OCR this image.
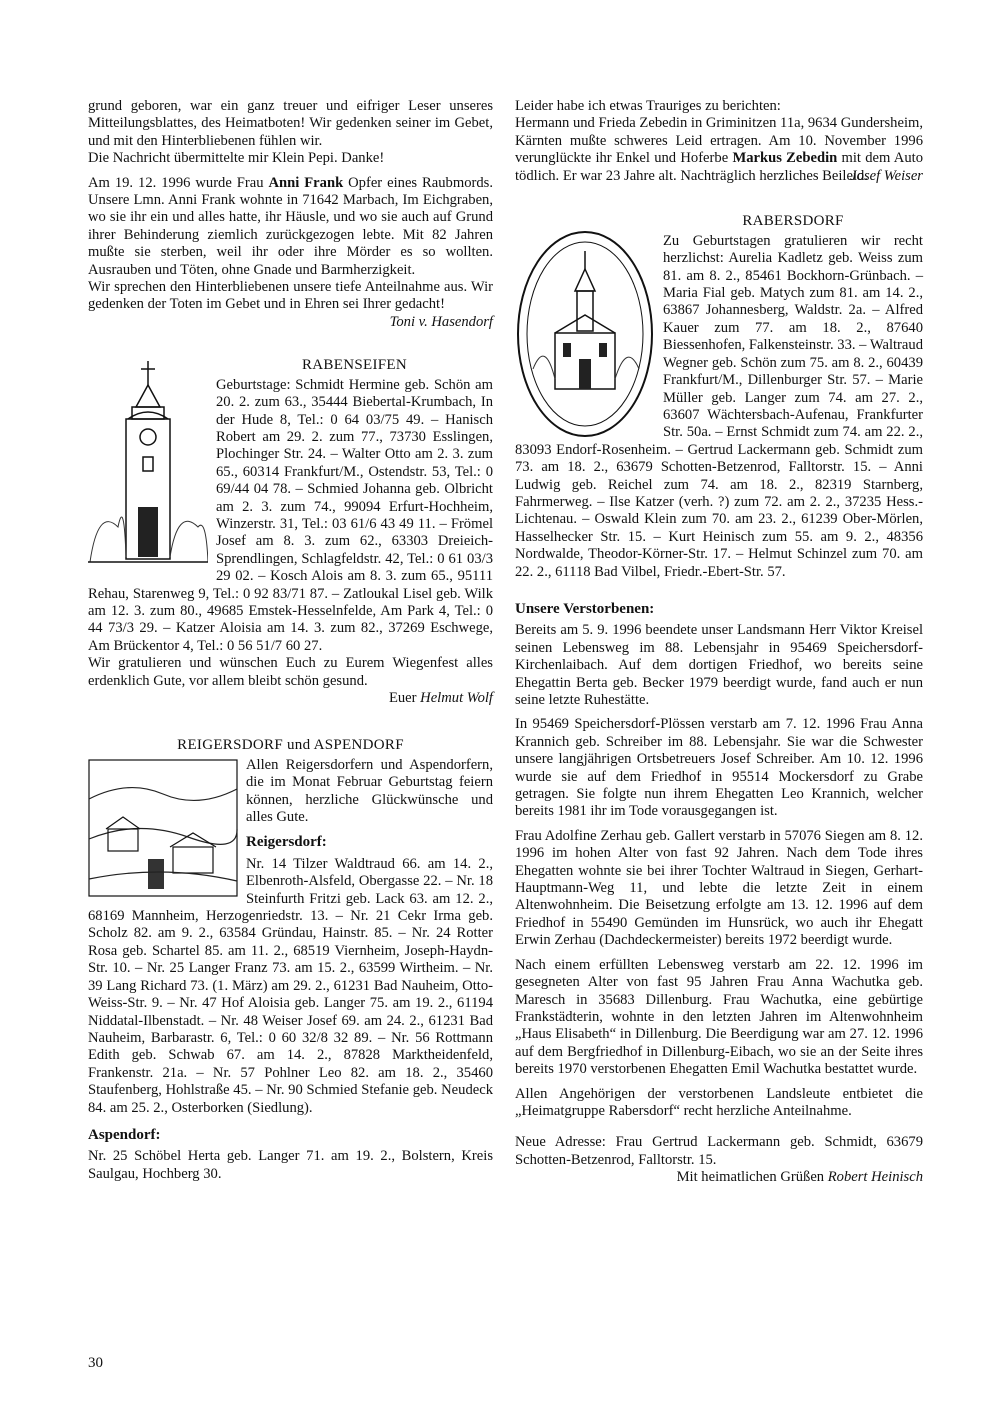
grund geboren, war ein ganz treuer und eifriger Leser unseres Mitteilungsblattes, des Heimatboten! Wir gedenken seiner im Gebet, und mit den Hinterbliebenen fühlen wir.

Die Nachricht übermittelte mir Klein Pepi. Danke!

Am 19. 12. 1996 wurde Frau Anni Frank Opfer eines Raubmords. Unsere Lmn. Anni Frank wohnte in 71642 Marbach, Im Eichgraben, wo sie ihr ein und alles hatte, ihr Häusle, und wo sie auch auf Grund ihrer Behinderung ziemlich zurückgezogen lebte. Mit 82 Jahren mußte sie sterben, weil ihr oder ihre Mörder es so wollten. Ausrauben und Töten, ohne Gnade und Barmherzigkeit.

Wir sprechen den Hinterbliebenen unsere tiefe Anteilnahme aus. Wir gedenken der Toten im Gebet und in Ehren sei Ihrer gedacht!

Toni v. Hasendorf

RABENSEIFEN

Geburtstage: Schmidt Hermine geb. Schön am 20. 2. zum 63., 35444 Biebertal-Krumbach, In der Hude 8, Tel.: 0 64 03/75 49. – Hanisch Robert am 29. 2. zum 77., 73730 Esslingen, Plochinger Str. 24. – Walter Otto am 2. 3. zum 65., 60314 Frankfurt/M., Ostendstr. 53, Tel.: 0 69/44 04 78. – Schmied Johanna geb. Olbricht am 2. 3. zum 74., 99094 Erfurt-Hochheim, Winzerstr. 31, Tel.: 03 61/6 43 49 11. – Frömel Josef am 8. 3. zum 62., 63303 Dreieich-Sprendlingen, Schlagfeldstr. 42, Tel.: 0 61 03/3 29 02. – Kosch Alois am 8. 3. zum 65., 95111 Rehau, Starenweg 9, Tel.: 0 92 83/71 87. – Zatloukal Lisel geb. Wilk am 12. 3. zum 80., 49685 Emstek-Hesselnfelde, Am Park 4, Tel.: 0 44 73/3 29. – Katzer Aloisia am 14. 3. zum 82., 37269 Eschwege, Am Brückentor 4, Tel.: 0 56 51/7 60 27.

Wir gratulieren und wünschen Euch zu Eurem Wiegenfest alles erdenklich Gute, vor allem bleibt schön gesund.

Euer Helmut Wolf

REIGERSDORF und ASPENDORF

Allen Reigersdorfern und Aspendorfern, die im Monat Februar Geburtstag feiern können, herzliche Glückwünsche und alles Gute.

Reigersdorf:

Nr. 14 Tilzer Waldtraud 66. am 14. 2., Elbenroth-Alsfeld, Obergasse 22. – Nr. 18 Steinfurth Fritzi geb. Lack 63. am 12. 2., 68169 Mannheim, Herzogenriedstr. 13. – Nr. 21 Cekr Irma geb. Scholz 82. am 9. 2., 63584 Gründau, Hainstr. 85. – Nr. 24 Rotter Rosa geb. Schartel 85. am 11. 2., 68519 Viernheim, Joseph-Haydn-Str. 10. – Nr. 25 Langer Franz 73. am 15. 2., 63599 Wirtheim. – Nr. 39 Lang Richard 73. (1. März) am 29. 2., 61231 Bad Nauheim, Otto-Weiss-Str. 9. – Nr. 47 Hof Aloisia geb. Langer 75. am 19. 2., 61194 Niddatal-Ilbenstadt. – Nr. 48 Weiser Josef 69. am 24. 2., 61231 Bad Nauheim, Barbarastr. 6, Tel.: 0 60 32/8 32 89. – Nr. 56 Rottmann Edith geb. Schwab 67. am 14. 2., 87828 Marktheidenfeld, Frankenstr. 21a. – Nr. 57 Pohlner Leo 82. am 18. 2., 35460 Staufenberg, Hohlstraße 45. – Nr. 90 Schmied Stefanie geb. Neudeck 84. am 25. 2., Osterborken (Siedlung).

Aspendorf:

Nr. 25 Schöbel Herta geb. Langer 71. am 19. 2., Bolstern, Kreis Saulgau, Hochberg 30.

Leider habe ich etwas Trauriges zu berichten:

Hermann und Frieda Zebedin in Griminitzen 11a, 9634 Gundersheim, Kärnten mußte schweres Leid ertragen. Am 10. November 1996 verunglückte ihr Enkel und Hoferbe Markus Zebedin mit dem Auto tödlich. Er war 23 Jahre alt. Nachträglich herzliches Beileid.

Josef Weiser

RABERSDORF

Zu Geburtstagen gratulieren wir recht herzlichst: Aurelia Kadletz geb. Weiss zum 81. am 8. 2., 85461 Bockhorn-Grünbach. – Maria Fial geb. Matych zum 81. am 14. 2., 63867 Johannesberg, Waldstr. 2a. – Alfred Kauer zum 77. am 18. 2., 87640 Biessenhofen, Falkensteinstr. 33. – Waltraud Wegner geb. Schön zum 75. am 8. 2., 60439 Frankfurt/M., Dillenburger Str. 57. – Marie Müller geb. Langer zum 74. am 27. 2., 63607 Wächtersbach-Aufenau, Frankfurter Str. 50a. – Ernst Schmidt zum 74. am 22. 2., 83093 Endorf-Rosenheim. – Gertrud Lackermann geb. Schmidt zum 73. am 18. 2., 63679 Schotten-Betzenrod, Falltorstr. 15. – Anni Ludwig geb. Reichel zum 74. am 18. 2., 82319 Starnberg, Fahrmerweg. – Ilse Katzer (verh. ?) zum 72. am 2. 2., 37235 Hess.-Lichtenau. – Oswald Klein zum 70. am 23. 2., 61239 Ober-Mörlen, Hasselhecker Str. 15. – Kurt Heinisch zum 55. am 9. 2., 48356 Nordwalde, Theodor-Körner-Str. 17. – Helmut Schinzel zum 70. am 22. 2., 61118 Bad Vilbel, Friedr.-Ebert-Str. 57.

Unsere Verstorbenen:

Bereits am 5. 9. 1996 beendete unser Landsmann Herr Viktor Kreisel seinen Lebensweg im 88. Lebensjahr in 95469 Speichersdorf-Kirchenlaibach. Auf dem dortigen Friedhof, wo bereits seine Ehegattin Berta geb. Becker 1979 beerdigt wurde, fand auch er nun seine letzte Ruhestätte.

In 95469 Speichersdorf-Plössen verstarb am 7. 12. 1996 Frau Anna Krannich geb. Schreiber im 88. Lebensjahr. Sie war die Schwester unsere langjährigen Ortsbetreuers Josef Schreiber. Am 10. 12. 1996 wurde sie auf dem Friedhof in 95514 Mockersdorf zu Grabe getragen. Sie folgte nun ihrem Ehegatten Leo Krannich, welcher bereits 1981 ihr im Tode vorausgegangen ist.

Frau Adolfine Zerhau geb. Gallert verstarb in 57076 Siegen am 8. 12. 1996 im hohen Alter von fast 92 Jahren. Nach dem Tode ihres Ehegatten wohnte sie bei ihrer Tochter Waltraud in Siegen, Gerhart-Hauptmann-Weg 11, und lebte die letzte Zeit in einem Altenwohnheim. Die Beisetzung erfolgte am 13. 12. 1996 auf dem Friedhof in 55490 Gemünden im Hunsrück, wo auch ihr Ehegatt Erwin Zerhau (Dachdeckermeister) bereits 1972 beerdigt wurde.

Nach einem erfüllten Lebensweg verstarb am 22. 12. 1996 im gesegneten Alter von fast 95 Jahren Frau Anna Wachutka geb. Maresch in 35683 Dillenburg. Frau Wachutka, eine gebürtige Frankstädterin, wohnte in den letzten Jahren im Altenwohnheim „Haus Elisabeth“ in Dillenburg. Die Beerdigung war am 27. 12. 1996 auf dem Bergfriedhof in Dillenburg-Eibach, wo sie an der Seite ihres bereits 1970 verstorbenen Ehegatten Emil Wachutka bestattet wurde.

Allen Angehörigen der verstorbenen Landsleute entbietet die „Heimatgruppe Rabersdorf“ recht herzliche Anteilnahme.

Neue Adresse: Frau Gertrud Lackermann geb. Schmidt, 63679 Schotten-Betzenrod, Falltorstr. 15.

Mit heimatlichen Grüßen Robert Heinisch

30
